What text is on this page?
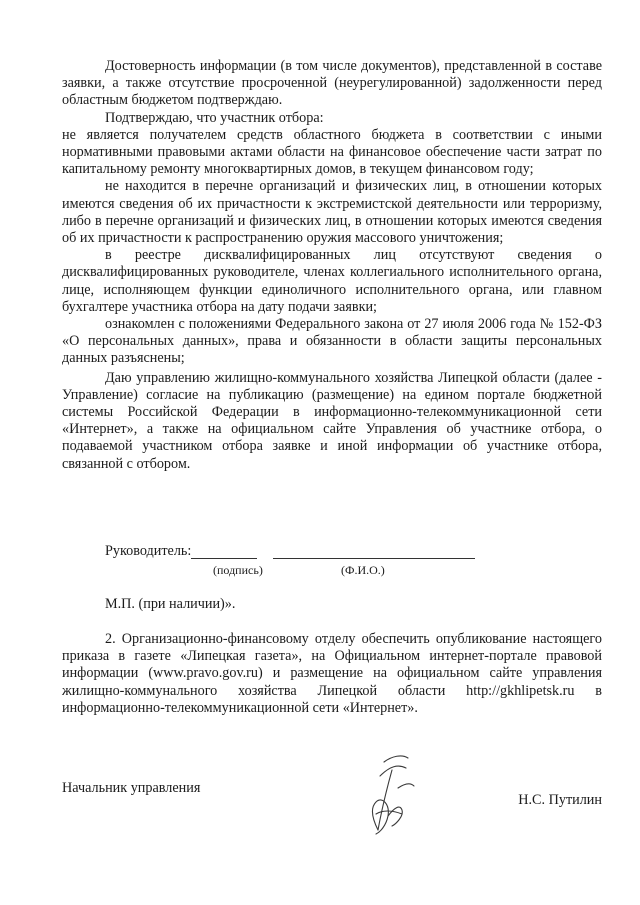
Достоверность информации (в том числе документов), представленной в составе заявки, а также отсутствие просроченной (неурегулированной) задолженности перед областным бюджетом подтверждаю.

Подтверждаю, что участник отбора:

не является получателем средств областного бюджета в соответствии с иными нормативными правовыми актами области на финансовое обеспечение части затрат по капитальному ремонту многоквартирных домов, в текущем финансовом году;

не находится в перечне организаций и физических лиц, в отношении которых имеются сведения об их причастности к экстремистской деятельности или терроризму, либо в перечне организаций и физических лиц, в отношении которых имеются сведения об их причастности к распространению оружия массового уничтожения;

в реестре дисквалифицированных лиц отсутствуют сведения о дисквалифицированных руководителе, членах коллегиального исполнительного органа, лице, исполняющем функции единоличного исполнительного органа, или главном бухгалтере участника отбора на дату подачи заявки;

ознакомлен с положениями Федерального закона от 27 июля 2006 года № 152-ФЗ «О персональных данных», права и обязанности в области защиты персональных данных разъяснены;

Даю управлению жилищно-коммунального хозяйства Липецкой области (далее - Управление) согласие на публикацию (размещение) на едином портале бюджетной системы Российской Федерации в информационно-телекоммуникационной сети «Интернет», а также на официальном сайте Управления об участнике отбора, о подаваемой участником отбора заявке и иной информации об участнике отбора, связанной с отбором.

Руководитель:
(подпись)	(Ф.И.О.)
М.П. (при наличии)».

2. Организационно-финансовому отделу обеспечить опубликование настоящего приказа в газете «Липецкая газета», на Официальном интернет-портале правовой информации (www.pravo.gov.ru) и размещение на официальном сайте управления жилищно-коммунального хозяйства Липецкой области http://gkhlipetsk.ru в информационно-телекоммуникационной сети «Интернет».

Начальник управления
Н.С. Путилин
